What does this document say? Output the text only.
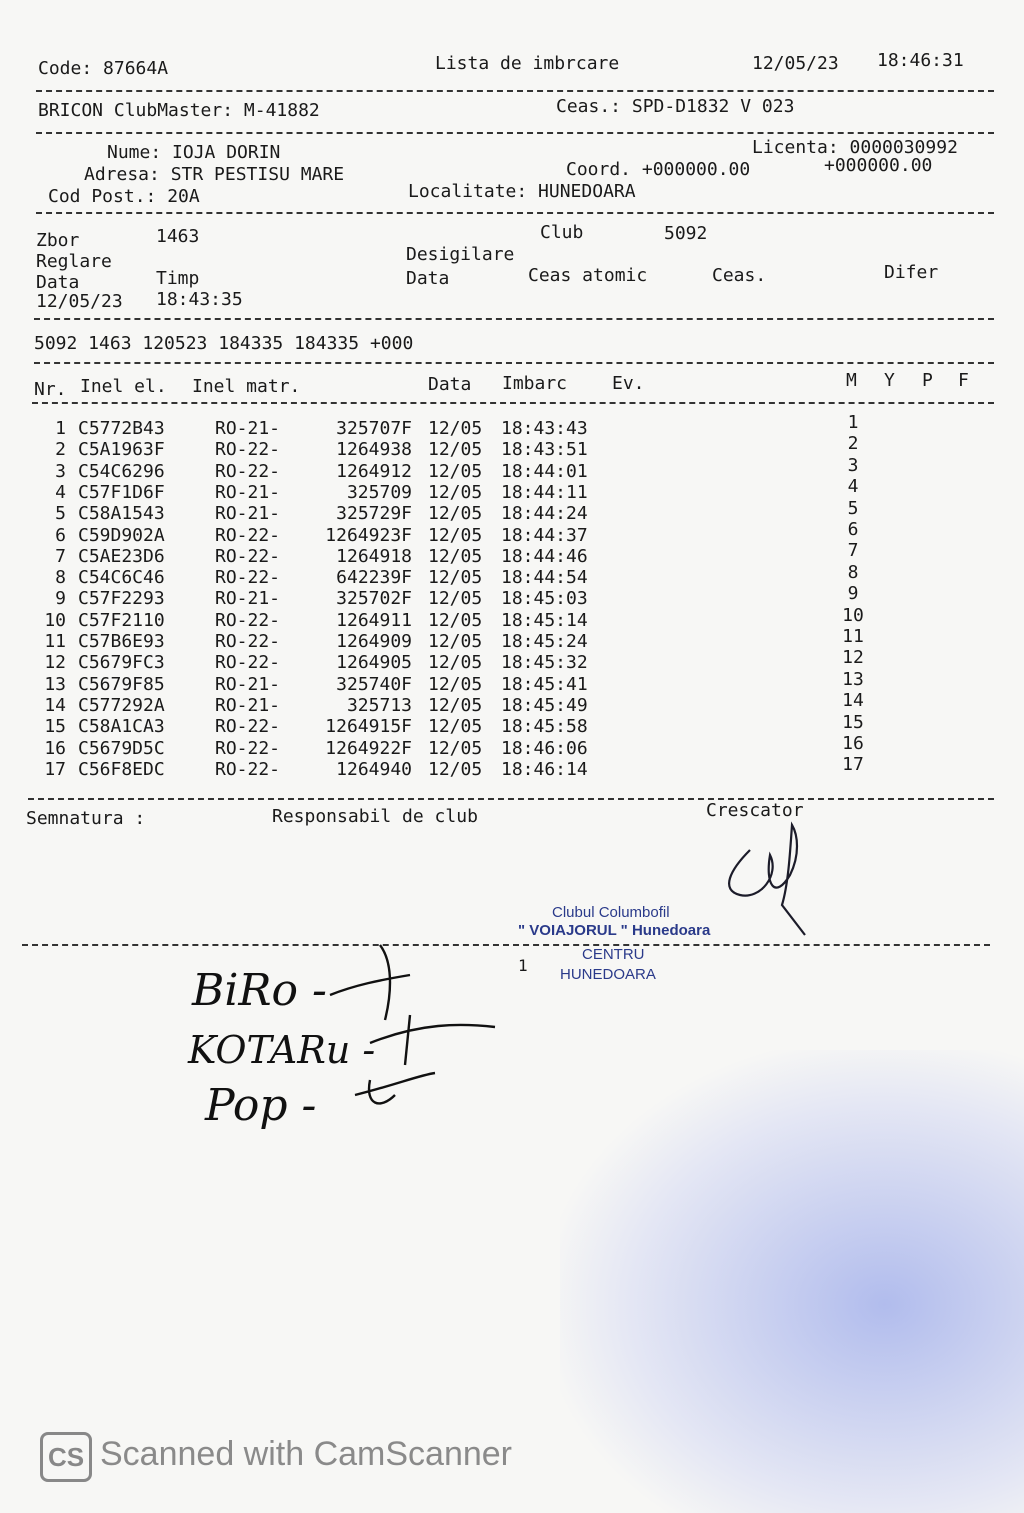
Code: 87664A	Lista de imbrcare	12/05/23 18:46:31
BRICON ClubMaster: M-41882	Ceas.: SPD-D1832 V 023
Nume: IOJA DORIN
Adresa: STR PESTISU MARE
Cod Post.: 20A
Licenta: 0000030992
Coord. +000000.00	+000000.00
Localitate: HUNEDOARA
Zbor	1463	Club	5092
Reglare	Desigilare
Data	Timp	Data	Ceas atomic	Ceas.	Difer
12/05/23 18:43:35
5092 1463 120523 184335 184335 +000
Nr. Inel el. Inel matr.	Data Imbarc Ev.	M Y P F
1 C5772B43	RO-21-	325707F 12/05 18:43:43	1
2 C5A1963F	RO-22-	1264938 12/05 18:43:51	2
3 C54C6296	RO-22-	1264912 12/05 18:44:01	3
4 C57F1D6F	RO-21-	325709 12/05 18:44:11	4
5 C58A1543	RO-21-	325729F 12/05 18:44:24	5
6 C59D902A	RO-22-	1264923F 12/05 18:44:37	6
7 C5AE23D6	RO-22-	1264918 12/05 18:44:46	7
8 C54C6C46	RO-22-	642239F 12/05 18:44:54	8
9 C57F2293	RO-21-	325702F 12/05 18:45:03	9
10 C57F2110	RO-22-	1264911 12/05 18:45:14	10
11 C57B6E93	RO-22-	1264909 12/05 18:45:24	11
12 C5679FC3	RO-22-	1264905 12/05 18:45:32	12
13 C5679F85	RO-21-	325740F 12/05 18:45:41	13
14 C577292A	RO-21-	325713 12/05 18:45:49	14
15 C58A1CA3	RO-22-	1264915F 12/05 18:45:58	15
16 C5679D5C	RO-22-	1264922F 12/05 18:46:06	16
17 C56F8EDC	RO-22-	1264940 12/05 18:46:14	17
Semnatura :	Responsabil de club	Crescator
Clubul Columbofil
" VOIAJORUL " Hunedoara
CENTRU
HUNEDOARA
1
BiRo -
KOTARu -
Pop -
CS Scanned with CamScanner
